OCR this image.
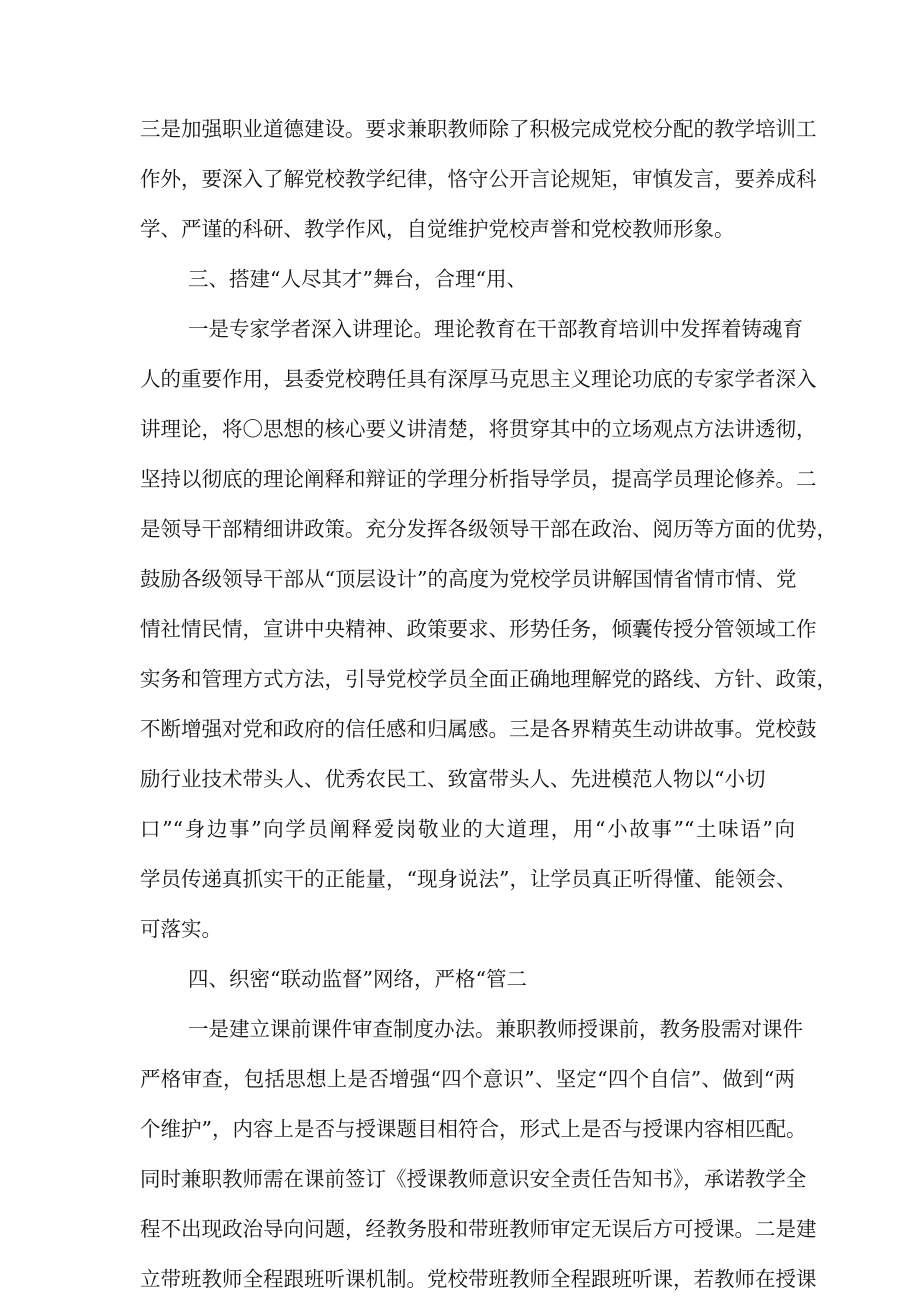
三是加强职业道德建设。要求兼职教师除了积极完成党校分配的教学培训工
作外，要深入了解党校教学纪律，恪守公开言论规矩，审慎发言，要养成科
学、严谨的科研、教学作风，自觉维护党校声誉和党校教师形象。
三、搭建“人尽其才”舞台，合理“用、
一是专家学者深入讲理论。理论教育在干部教育培训中发挥着铸魂育
人的重要作用，县委党校聘任具有深厚马克思主义理论功底的专家学者深入
讲理论，将〇思想的核心要义讲清楚，将贯穿其中的立场观点方法讲透彻，
坚持以彻底的理论阐释和辩证的学理分析指导学员，提高学员理论修养。二
是领导干部精细讲政策。充分发挥各级领导干部在政治、阅历等方面的优势，
鼓励各级领导干部从“顶层设计”的高度为党校学员讲解国情省情市情、党
情社情民情，宣讲中央精神、政策要求、形势任务，倾囊传授分管领域工作
实务和管理方式方法，引导党校学员全面正确地理解党的路线、方针、政策，
不断增强对党和政府的信任感和归属感。三是各界精英生动讲故事。党校鼓
励行业技术带头人、优秀农民工、致富带头人、先进模范人物以“小切
口”“身边事”向学员阐释爱岗敬业的大道理，用“小故事”“土味语”向
学员传递真抓实干的正能量，“现身说法”，让学员真正听得懂、能领会、
可落实。
四、织密“联动监督”网络，严格“管二
一是建立课前课件审查制度办法。兼职教师授课前，教务股需对课件
严格审查，包括思想上是否增强“四个意识”、坚定“四个自信”、做到“两
个维护”，内容上是否与授课题目相符合，形式上是否与授课内容相匹配。
同时兼职教师需在课前签订《授课教师意识安全责任告知书》，承诺教学全
程不出现政治导向问题，经教务股和带班教师审定无误后方可授课。二是建
立带班教师全程跟班听课机制。党校带班教师全程跟班听课，若教师在授课
